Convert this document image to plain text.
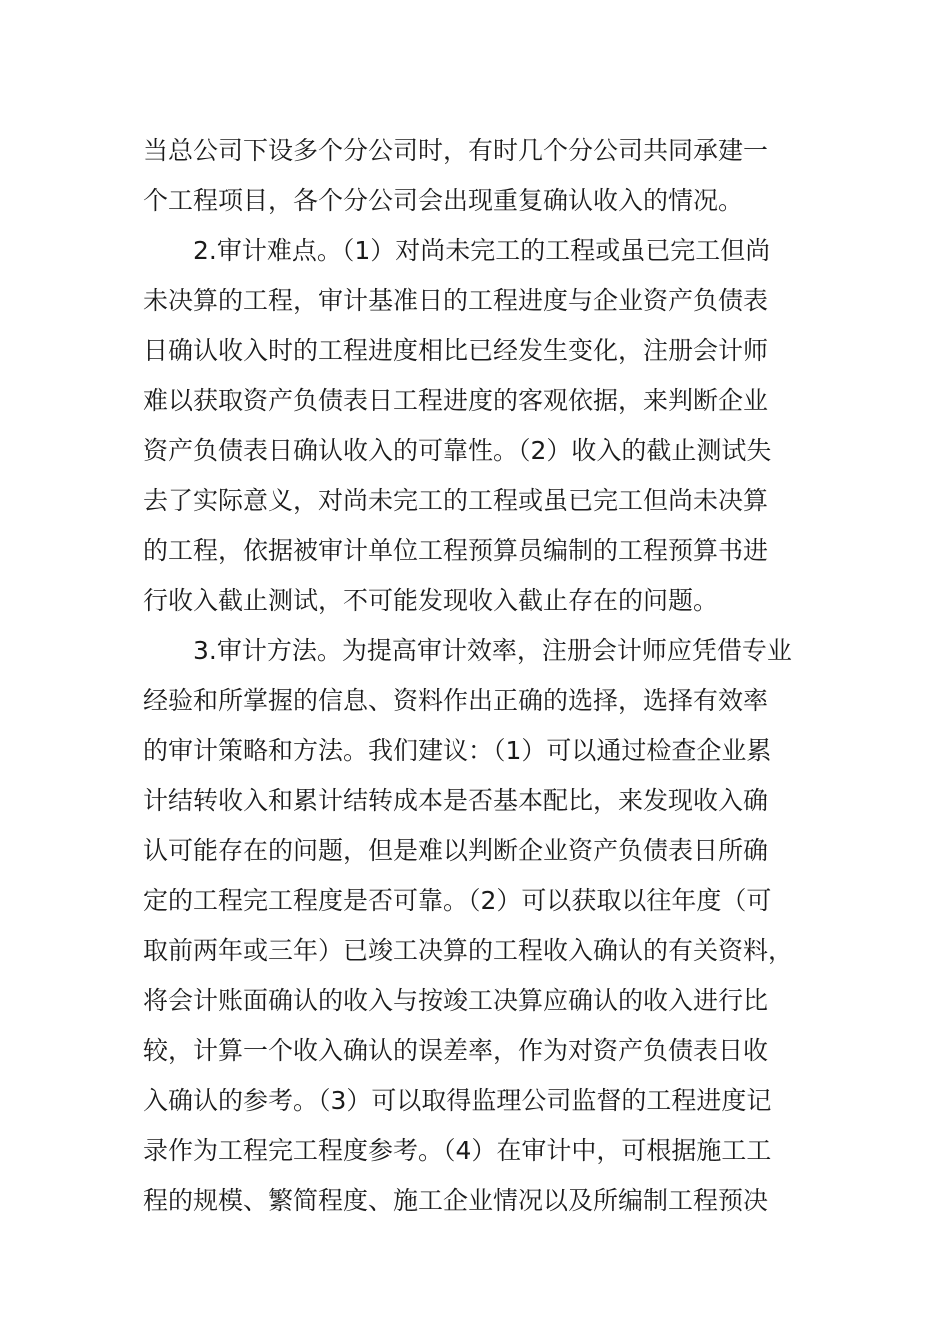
当总公司下设多个分公司时，有时几个分公司共同承建一
个工程项目，各个分公司会出现重复确认收入的情况。
2.审计难点。（1）对尚未完工的工程或虽已完工但尚
未决算的工程，审计基准日的工程进度与企业资产负债表
日确认收入时的工程进度相比已经发生变化，注册会计师
难以获取资产负债表日工程进度的客观依据，来判断企业
资产负债表日确认收入的可靠性。（2）收入的截止测试失
去了实际意义，对尚未完工的工程或虽已完工但尚未决算
的工程，依据被审计单位工程预算员编制的工程预算书进
行收入截止测试，不可能发现收入截止存在的问题。
3.审计方法。为提高审计效率，注册会计师应凭借专业
经验和所掌握的信息、资料作出正确的选择，选择有效率
的审计策略和方法。我们建议：（1）可以通过检查企业累
计结转收入和累计结转成本是否基本配比，来发现收入确
认可能存在的问题，但是难以判断企业资产负债表日所确
定的工程完工程度是否可靠。（2）可以获取以往年度（可
取前两年或三年）已竣工决算的工程收入确认的有关资料，
将会计账面确认的收入与按竣工决算应确认的收入进行比
较，计算一个收入确认的误差率，作为对资产负债表日收
入确认的参考。（3）可以取得监理公司监督的工程进度记
录作为工程完工程度参考。（4）在审计中，可根据施工工
程的规模、繁简程度、施工企业情况以及所编制工程预决
